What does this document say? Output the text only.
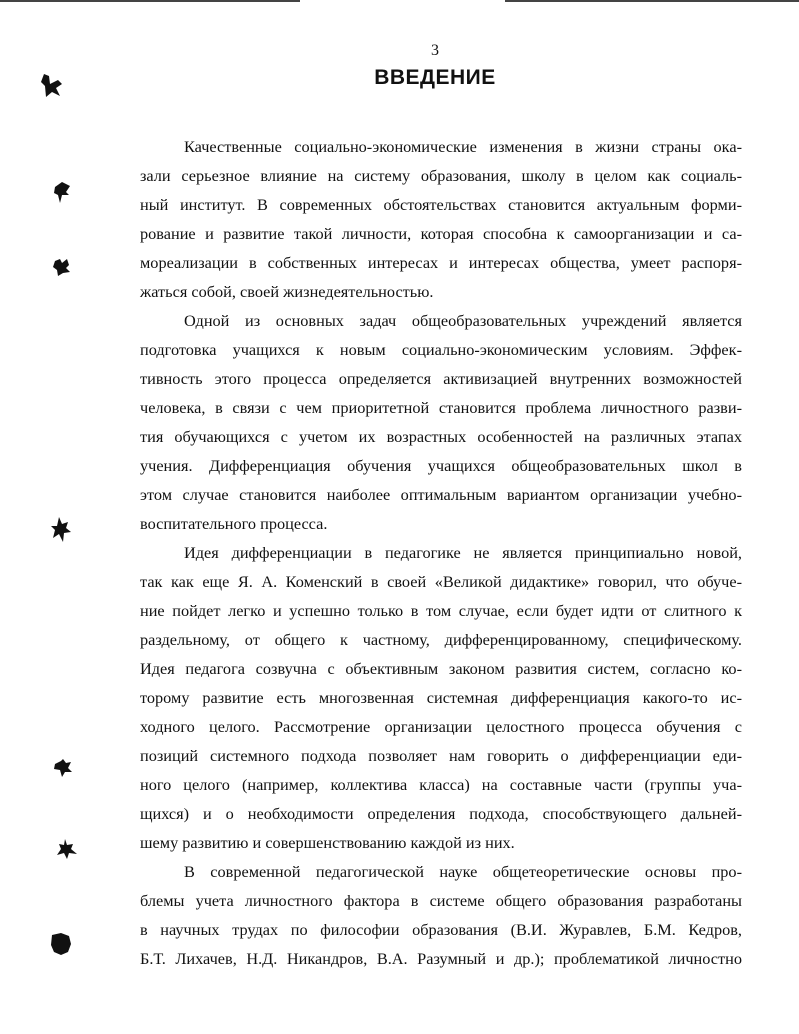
3
ВВЕДЕНИЕ
Качественные социально-экономические изменения в жизни страны ока-
зали серьезное влияние на систему образования, школу в целом как социаль-
ный институт. В современных обстоятельствах становится актуальным форми-
рование и развитие такой личности, которая способна к самоорганизации и са-
мореализации в собственных интересах и интересах общества, умеет распоря-
жаться собой, своей жизнедеятельностью.
Одной из основных задач общеобразовательных учреждений является
подготовка учащихся к новым социально-экономическим условиям. Эффек-
тивность этого процесса определяется активизацией внутренних возможностей
человека, в связи с чем приоритетной становится проблема личностного разви-
тия обучающихся с учетом их возрастных особенностей на различных этапах
учения. Дифференциация обучения учащихся общеобразовательных школ в
этом случае становится наиболее оптимальным вариантом организации учебно-
воспитательного процесса.
Идея дифференциации в педагогике не является принципиально новой,
так как еще Я. А. Коменский в своей «Великой дидактике» говорил, что обуче-
ние пойдет легко и успешно только в том случае, если будет идти от слитного к
раздельному, от общего к частному, дифференцированному, специфическому.
Идея педагога созвучна с объективным законом развития систем, согласно ко-
торому развитие есть многозвенная системная дифференциация какого-то ис-
ходного целого. Рассмотрение организации целостного процесса обучения с
позиций системного подхода позволяет нам говорить о дифференциации еди-
ного целого (например, коллектива класса) на составные части (группы уча-
щихся) и о необходимости определения подхода, способствующего дальней-
шему развитию и совершенствованию каждой из них.
В современной педагогической науке общетеоретические основы про-
блемы учета личностного фактора в системе общего образования разработаны
в научных трудах по философии образования (В.И. Журавлев, Б.М. Кедров,
Б.Т. Лихачев, Н.Д. Никандров, В.А. Разумный и др.); проблематикой личностно
